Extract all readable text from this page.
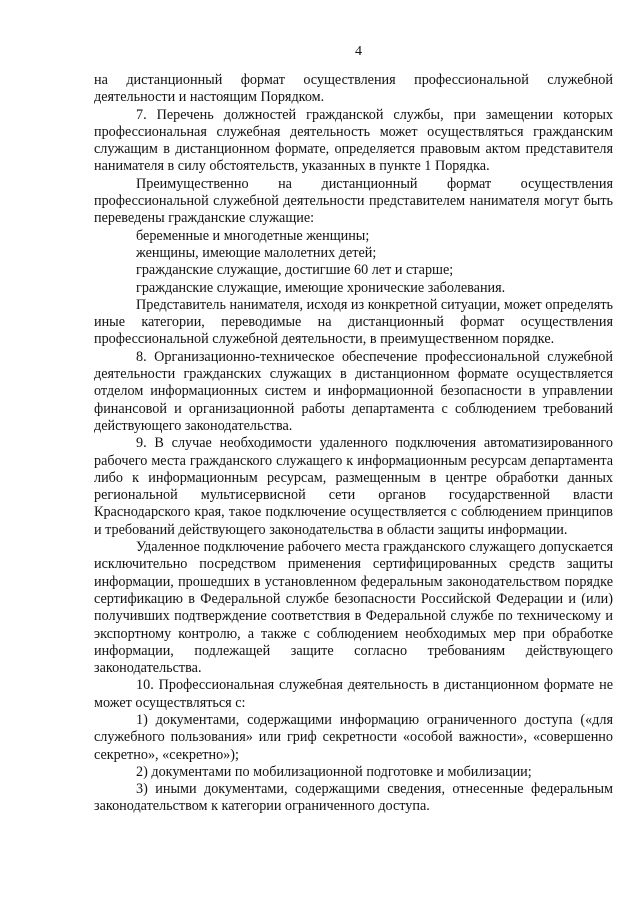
4

на дистанционный формат осуществления профессиональной служебной деятельности и настоящим Порядком.

7. Перечень должностей гражданской службы, при замещении которых профессиональная служебная деятельность может осуществляться гражданским служащим в дистанционном формате, определяется правовым актом представителя нанимателя в силу обстоятельств, указанных в пункте 1 Порядка.

Преимущественно на дистанционный формат осуществления профессиональной служебной деятельности представителем нанимателя могут быть переведены гражданские служащие:

беременные и многодетные женщины;

женщины, имеющие малолетних детей;

гражданские служащие, достигшие 60 лет и старше;

гражданские служащие, имеющие хронические заболевания.

Представитель нанимателя, исходя из конкретной ситуации, может определять иные категории, переводимые на дистанционный формат осуществления профессиональной служебной деятельности, в преимущественном порядке.

8. Организационно-техническое обеспечение профессиональной служебной деятельности гражданских служащих в дистанционном формате осуществляется отделом информационных систем и информационной безопасности в управлении финансовой и организационной работы департамента с соблюдением требований действующего законодательства.

9. В случае необходимости удаленного подключения автоматизированного рабочего места гражданского служащего к информационным ресурсам департамента либо к информационным ресурсам, размещенным в центре обработки данных региональной мультисервисной сети органов государственной власти Краснодарского края, такое подключение осуществляется с соблюдением принципов и требований действующего законодательства в области защиты информации.

Удаленное подключение рабочего места гражданского служащего допускается исключительно посредством применения сертифицированных средств защиты информации, прошедших в установленном федеральным законодательством порядке сертификацию в Федеральной службе безопасности Российской Федерации и (или) получивших подтверждение соответствия в Федеральной службе по техническому и экспортному контролю, а также с соблюдением необходимых мер при обработке информации, подлежащей защите согласно требованиям действующего законодательства.

10. Профессиональная служебная деятельность в дистанционном формате не может осуществляться с:

1) документами, содержащими информацию ограниченного доступа («для служебного пользования» или гриф секретности «особой важности», «совершенно секретно», «секретно»);

2) документами по мобилизационной подготовке и мобилизации;

3) иными документами, содержащими сведения, отнесенные федеральным законодательством к категории ограниченного доступа.
